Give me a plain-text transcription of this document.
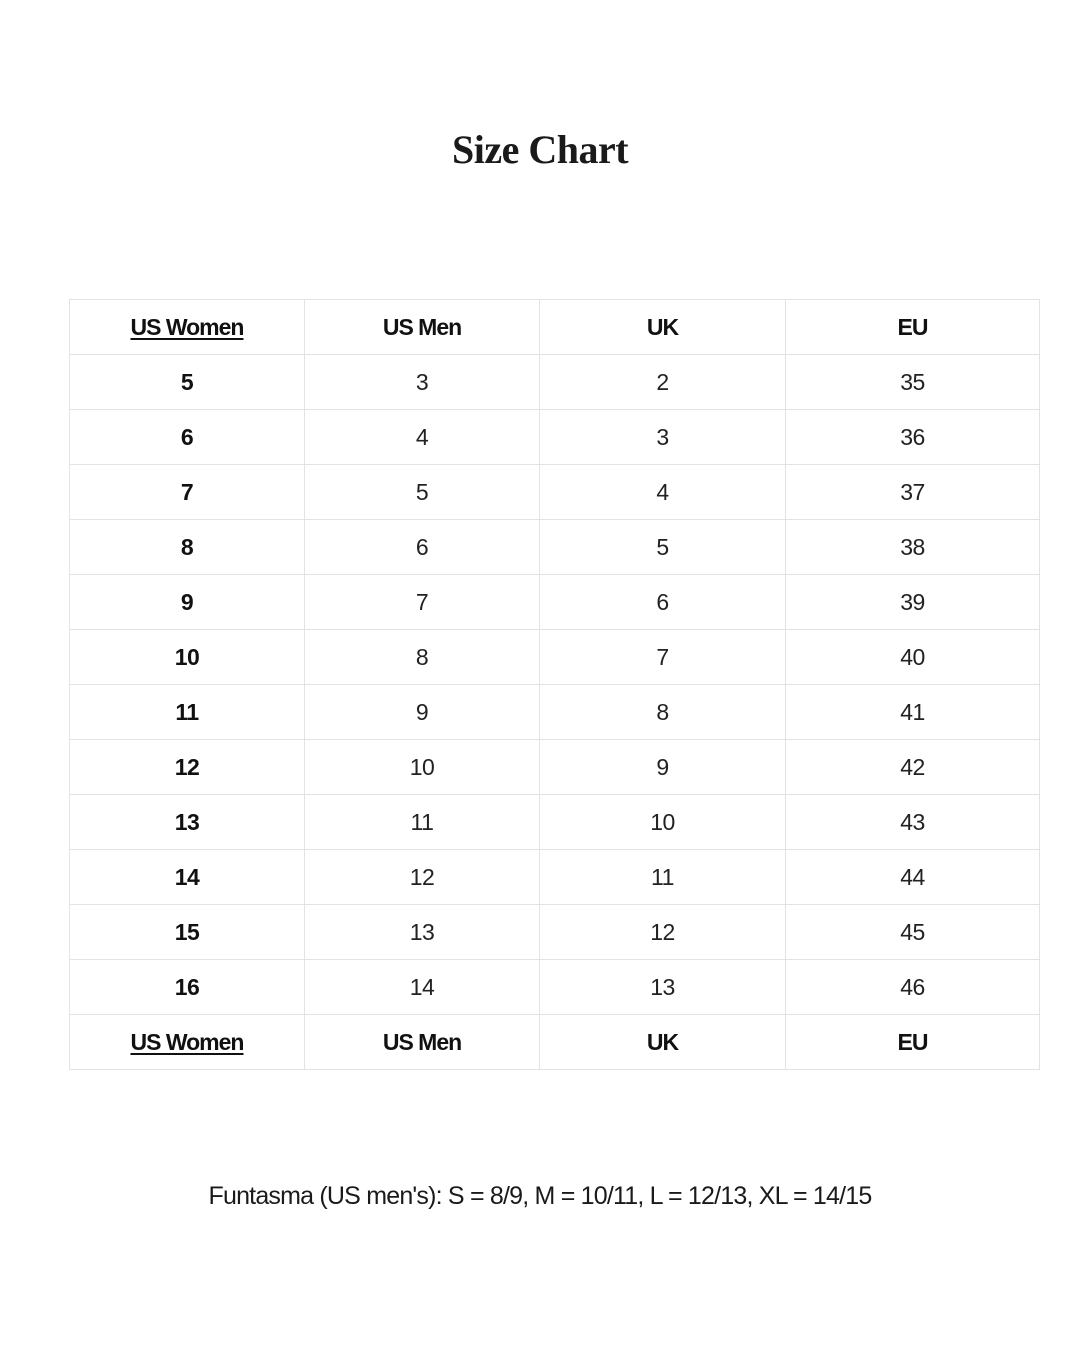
Size Chart
US Women	US Men	UK	EU
5	3	2	35
6	4	3	36
7	5	4	37
8	6	5	38
9	7	6	39
10	8	7	40
11	9	8	41
12	10	9	42
13	11	10	43
14	12	11	44
15	13	12	45
16	14	13	46
US Women	US Men	UK	EU
Funtasma (US men's): S = 8/9, M = 10/11, L = 12/13, XL = 14/15
